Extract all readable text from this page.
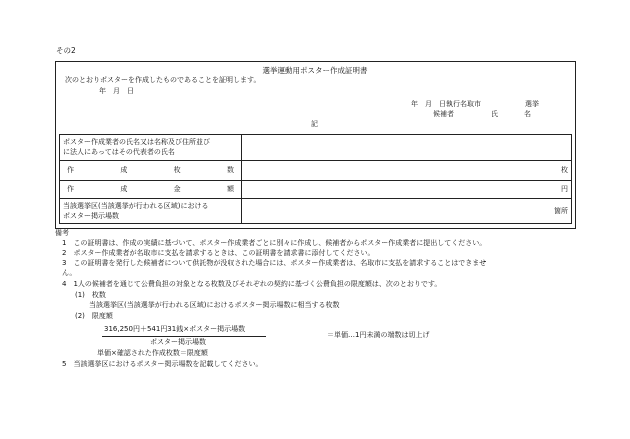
その2
選挙運動用ポスター作成証明書
次のとおりポスターを作成したものであることを証明します。
年　月　日
年　月　日執行名取市	選挙
候補者	氏	名
記
ポスター作成業者の氏名又は名称及び住所並び
に法人にあってはその代表者の氏名	

作 成 枚 数	枚

作 成 金 額	円

当該選挙区(当該選挙が行われる区域)における
ポスター掲示場数	箇所
備考
1　この証明書は、作成の実績に基づいて、ポスター作成業者ごとに別々に作成し、候補者からポスター作成業者に提出してください。
2　ポスター作成業者が名取市に支払を請求するときは、この証明書を請求書に添付してください。
3　この証明書を発行した候補者について供託物が没収された場合には、ポスター作成業者は、名取市に支払を請求することはできませ
ん。
4　1人の候補者を通じて公費負担の対象となる枚数及びそれぞれの契約に基づく公費負担の限度額は、次のとおりです。
(1)　枚数
当該選挙区(当該選挙が行われる区域)におけるポスター掲示場数に相当する枚数
(2)　限度額
316,250円＋541円31銭×ポスター掲示場数
ポスター掲示場数
＝単価…1円未満の端数は切上げ
単価×確認された作成枚数＝限度額
5　当該選挙区におけるポスター掲示場数を記載してください。
